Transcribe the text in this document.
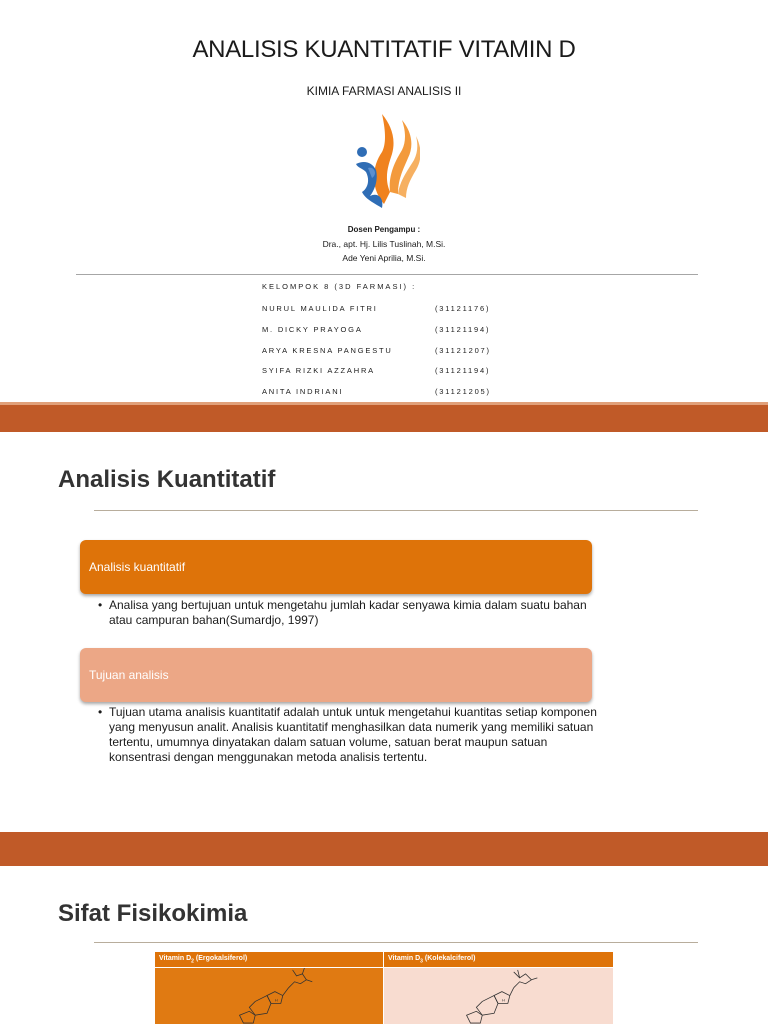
ANALISIS KUANTITATIF VITAMIN D
KIMIA FARMASI ANALISIS II
Dosen Pengampu :
Dra., apt. Hj. Lilis Tuslinah, M.Si.
Ade Yeni Aprilia, M.Si.
KELOMPOK 8 (3D FARMASI) :
NURUL MAULIDA FITRI	(31121176)
M. DICKY PRAYOGA	(31121194)
ARYA KRESNA PANGESTU	(31121207)
SYIFA RIZKI AZZAHRA	(31121194)
ANITA INDRIANI	(31121205)
Analisis Kuantitatif
Analisis kuantitatif
• Analisa yang bertujuan untuk mengetahu jumlah kadar senyawa kimia dalam suatu bahan atau campuran bahan(Sumardjo, 1997)
Tujuan analisis
• Tujuan utama analisis kuantitatif adalah untuk untuk mengetahui kuantitas setiap komponen yang menyusun analit. Analisis kuantitatif menghasilkan data numerik yang memiliki satuan tertentu, umumnya dinyatakan dalam satuan volume, satuan berat maupun satuan konsentrasi dengan menggunakan metoda analisis tertentu.
Sifat Fisikokimia
Vitamin $D_2$ (Ergokalsiferol)	Vitamin $D_3$ (Kolekalciferol)
H	H
